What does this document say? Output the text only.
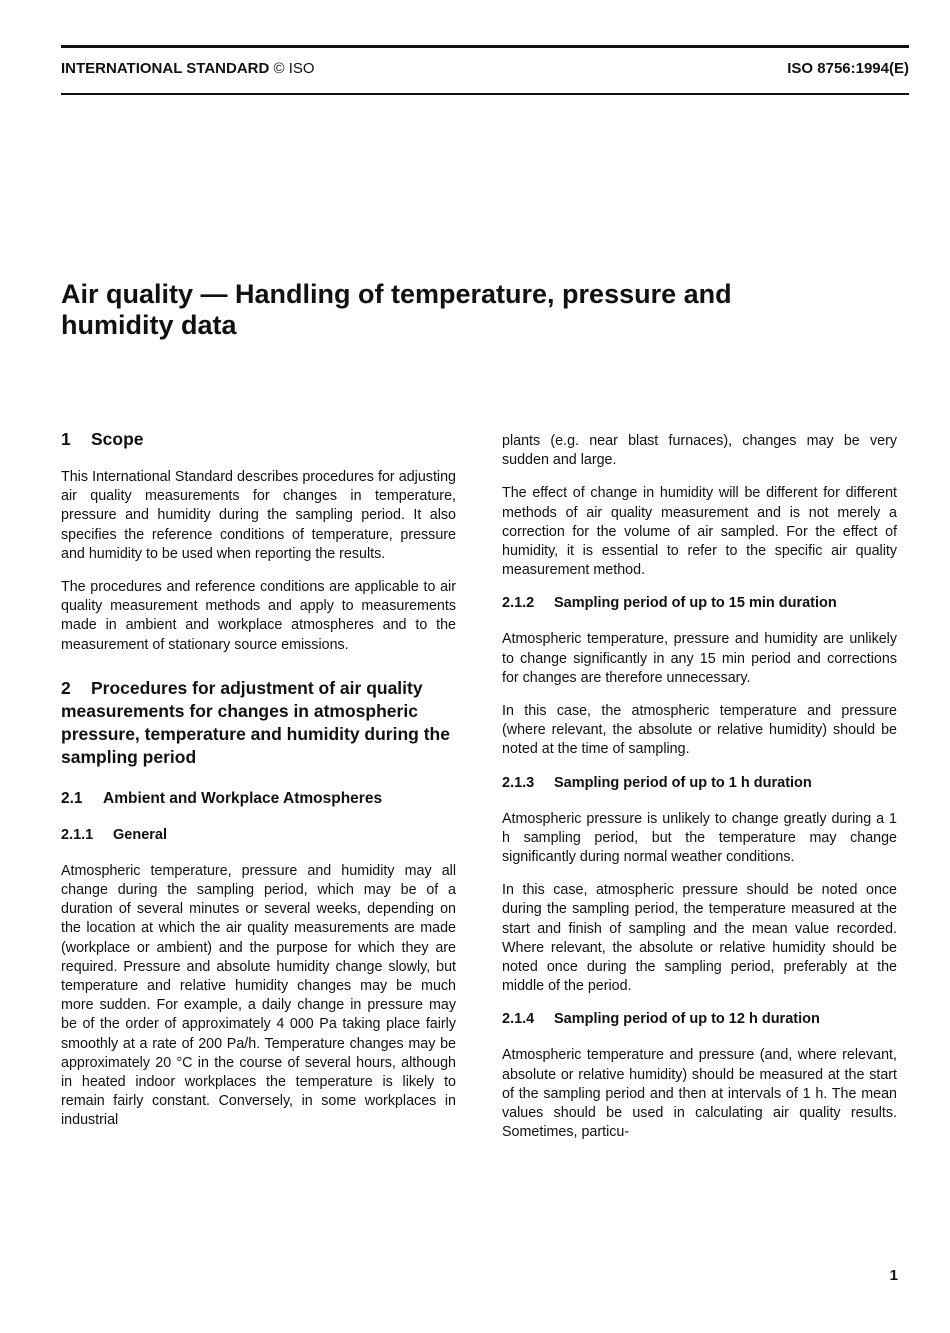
INTERNATIONAL STANDARD © ISO	ISO 8756:1994(E)
Air quality — Handling of temperature, pressure and
humidity data
1 Scope

This International Standard describes procedures for adjusting air quality measurements for changes in temperature, pressure and humidity during the sampling period. It also specifies the reference conditions of temperature, pressure and humidity to be used when reporting the results.

The procedures and reference conditions are applicable to air quality measurement methods and apply to measurements made in ambient and workplace atmospheres and to the measurement of stationary source emissions.

2 Procedures for adjustment of air quality measurements for changes in atmospheric pressure, temperature and humidity during the sampling period
2.1 Ambient and Workplace Atmospheres
2.1.1 General

Atmospheric temperature, pressure and humidity may all change during the sampling period, which may be of a duration of several minutes or several weeks, depending on the location at which the air quality measurements are made (workplace or ambient) and the purpose for which they are required. Pressure and absolute humidity change slowly, but temperature and relative humidity changes may be much more sudden. For example, a daily change in pressure may be of the order of approximately 4 000 Pa taking place fairly smoothly at a rate of 200 Pa/h. Temperature changes may be approximately 20 °C in the course of several hours, although in heated indoor workplaces the temperature is likely to remain fairly constant. Conversely, in some workplaces in industrial

plants (e.g. near blast furnaces), changes may be very sudden and large.

The effect of change in humidity will be different for different methods of air quality measurement and is not merely a correction for the volume of air sampled. For the effect of humidity, it is essential to refer to the specific air quality measurement method.

2.1.2 Sampling period of up to 15 min duration

Atmospheric temperature, pressure and humidity are unlikely to change significantly in any 15 min period and corrections for changes are therefore unnecessary.

In this case, the atmospheric temperature and pressure (where relevant, the absolute or relative humidity) should be noted at the time of sampling.

2.1.3 Sampling period of up to 1 h duration

Atmospheric pressure is unlikely to change greatly during a 1 h sampling period, but the temperature may change significantly during normal weather conditions.

In this case, atmospheric pressure should be noted once during the sampling period, the temperature measured at the start and finish of sampling and the mean value recorded. Where relevant, the absolute or relative humidity should be noted once during the sampling period, preferably at the middle of the period.

2.1.4 Sampling period of up to 12 h duration

Atmospheric temperature and pressure (and, where relevant, absolute or relative humidity) should be measured at the start of the sampling period and then at intervals of 1 h. The mean values should be used in calculating air quality results. Sometimes, particu-

1
